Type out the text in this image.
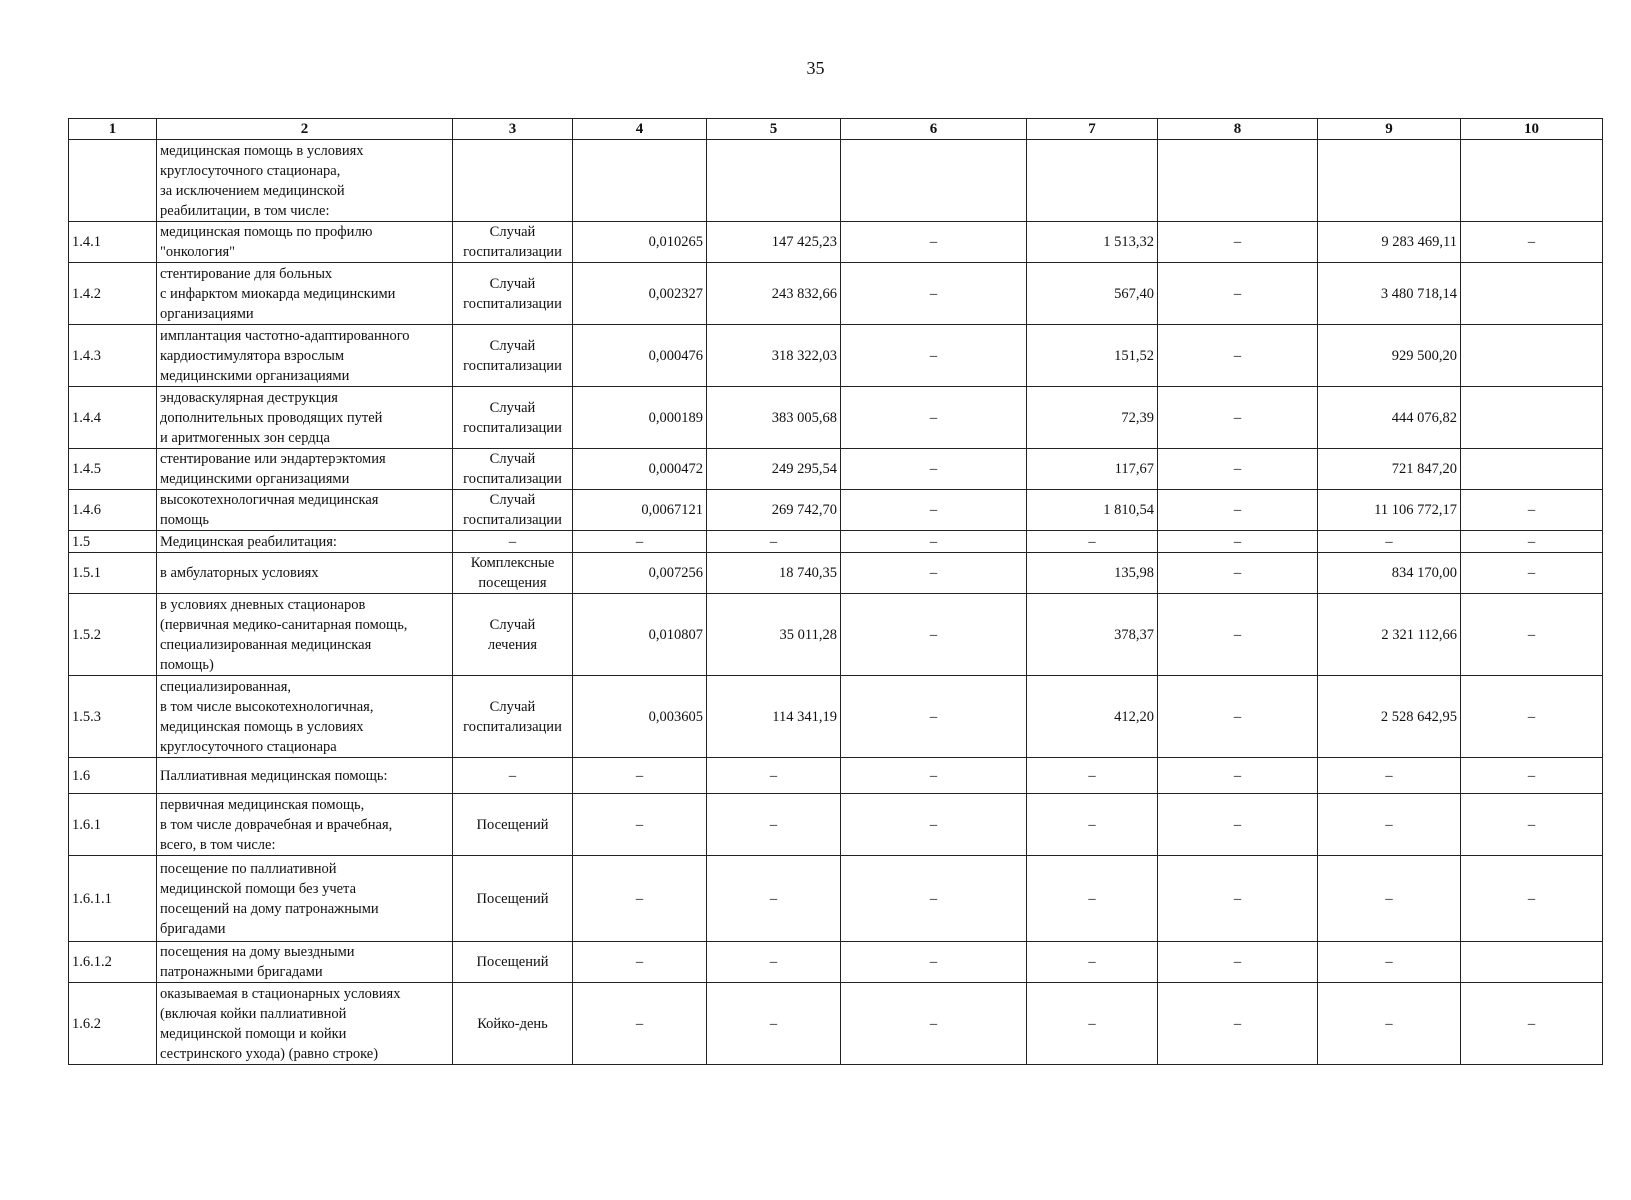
35
1	2	3	4	5	6	7	8	9	10
	медицинская помощь в условиях
круглосуточного стационара,
за исключением медицинской
реабилитации, в том числе:								
1.4.1	медицинская помощь по профилю
"онкология"	Случай
госпитализации	0,010265	147 425,23	–	1 513,32	–	9 283 469,11	–
1.4.2	стентирование для больных
с инфарктом миокарда медицинскими
организациями	Случай
госпитализации	0,002327	243 832,66	–	567,40	–	3 480 718,14	
1.4.3	имплантация частотно-адаптированного
кардиостимулятора взрослым
медицинскими организациями	Случай
госпитализации	0,000476	318 322,03	–	151,52	–	929 500,20	
1.4.4	эндоваскулярная деструкция
дополнительных проводящих путей
и аритмогенных зон сердца	Случай
госпитализации	0,000189	383 005,68	–	72,39	–	444 076,82	
1.4.5	стентирование или эндартерэктомия
медицинскими организациями	Случай
госпитализации	0,000472	249 295,54	–	117,67	–	721 847,20	
1.4.6	высокотехнологичная медицинская
помощь	Случай
госпитализации	0,0067121	269 742,70	–	1 810,54	–	11 106 772,17	–
1.5	Медицинская реабилитация:	–	–	–	–	–	–	–	–
1.5.1	в амбулаторных условиях	Комплексные
посещения	0,007256	18 740,35	–	135,98	–	834 170,00	–
1.5.2	в условиях дневных стационаров
(первичная медико-санитарная помощь,
специализированная медицинская
помощь)	Случай
лечения	0,010807	35 011,28	–	378,37	–	2 321 112,66	–
1.5.3	специализированная,
в том числе высокотехнологичная,
медицинская помощь в условиях
круглосуточного стационара	Случай
госпитализации	0,003605	114 341,19	–	412,20	–	2 528 642,95	–
1.6	Паллиативная медицинская помощь:	–	–	–	–	–	–	–	–
1.6.1	первичная медицинская помощь,
в том числе доврачебная и врачебная,
всего, в том числе:	Посещений	–	–	–	–	–	–	–
1.6.1.1	посещение по паллиативной
медицинской помощи без учета
посещений на дому патронажными
бригадами	Посещений	–	–	–	–	–	–	–
1.6.1.2	посещения на дому выездными
патронажными бригадами	Посещений	–	–	–	–	–	–	
1.6.2	оказываемая в стационарных условиях
(включая койки паллиативной
медицинской помощи и койки
сестринского ухода) (равно строке)	Койко-день	–	–	–	–	–	–	–
